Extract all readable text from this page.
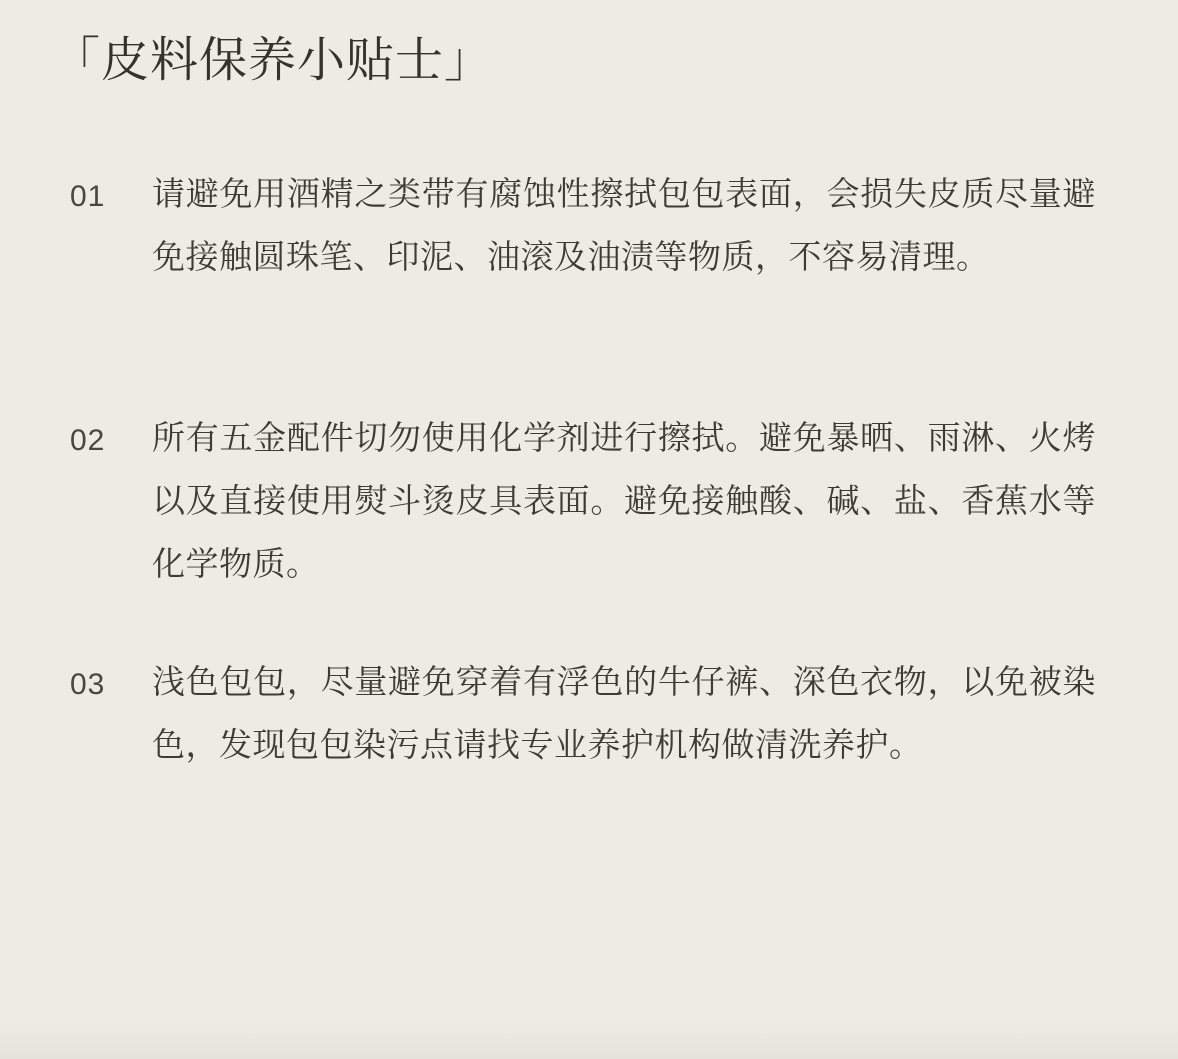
「皮料保养小贴士」
01 请避免用酒精之类带有腐蚀性擦拭包包表面，会损失皮质尽量避免接触圆珠笔、印泥、油滚及油渍等物质，不容易清理。
02 所有五金配件切勿使用化学剂进行擦拭。避免暴晒、雨淋、火烤以及直接使用熨斗烫皮具表面。避免接触酸、碱、盐、香蕉水等化学物质。
03 浅色包包，尽量避免穿着有浮色的牛仔裤、深色衣物，以免被染色，发现包包染污点请找专业养护机构做清洗养护。
